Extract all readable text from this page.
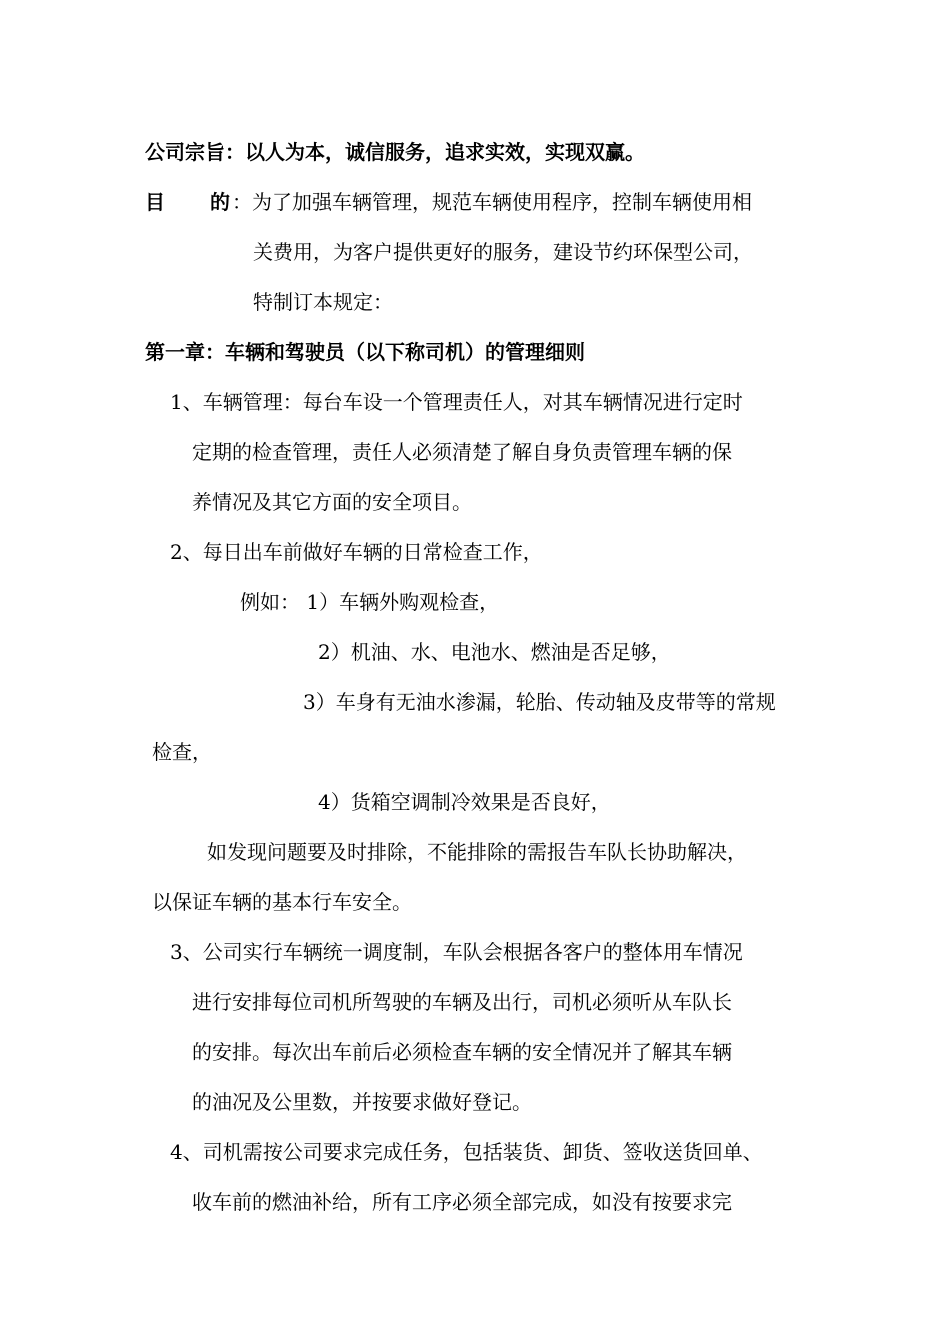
公司宗旨：以人为本，诚信服务，追求实效，实现双赢。

目 的 ：为了加强车辆管理，规范车辆使用程序，控制车辆使用相

关费用，为客户提供更好的服务，建设节约环保型公司，

特制订本规定：

第一章：车辆和驾驶员（以下称司机）的管理细则

1、车辆管理：每台车设一个管理责任人，对其车辆情况进行定时

定期的检查管理，责任人必须清楚了解自身负责管理车辆的保

养情况及其它方面的安全项目。

2、每日出车前做好车辆的日常检查工作，

例如： 1）车辆外购观检查，

2）机油、水、电池水、燃油是否足够，

3）车身有无油水渗漏，轮胎、传动轴及皮带等的常规

检查，

4）货箱空调制冷效果是否良好，

如发现问题要及时排除，不能排除的需报告车队长协助解决，

以保证车辆的基本行车安全。

3、公司实行车辆统一调度制，车队会根据各客户的整体用车情况

进行安排每位司机所驾驶的车辆及出行，司机必须听从车队长

的安排。每次出车前后必须检查车辆的安全情况并了解其车辆

的油况及公里数，并按要求做好登记。

4、司机需按公司要求完成任务，包括装货、卸货、签收送货回单、

收车前的燃油补给，所有工序必须全部完成，如没有按要求完
